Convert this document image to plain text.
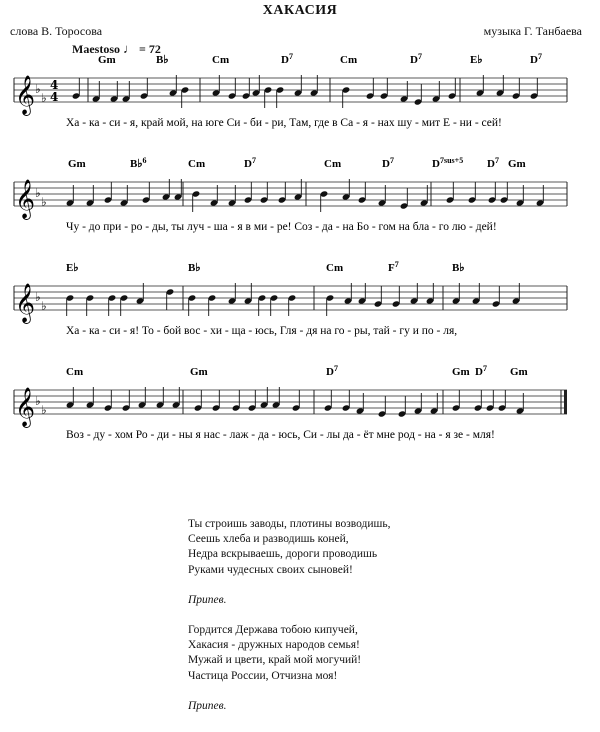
ХАКАСИЯ
слова В. Торосова	музыка Г. Танбаева
Maestoso ♩ = 72
𝄞 ♭
♭
4
4
Gm	B♭	Cm	$D^7$	Cm	$D^7$	E♭	$D^7$
Ха - ка - си - я, край мой, на юге Си - би - ри, Там, где в Са - я - нах шу - мит Е - ни - сей!
𝄞 ♭
♭
Gm	B♭$^6$	Cm	$D^7$	Cm	$D^7$	$D^{7sus+5}$ $D^7$ Gm
Чу - до при - ро - ды, ты луч - ша - я в ми - ре! Соз - да - на Бо - гом на бла - го лю - дей!
𝄞 ♭
♭
E♭	B♭	Cm	$F^7$	B♭
Ха - ка - си - я! То - бой вос - хи - ща - юсь, Гля - дя на го - ры, тай - гу и по - ля,
𝄞 ♭
♭
Cm	Gm	$D^7$	Gm $D^7$ Gm
Воз - ду - хом Ро - ди - ны я нас - лаж - да - юсь, Си - лы да - ёт мне род - на - я зе - мля!
Ты строишь заводы, плотины возводишь,
Сеешь хлеба и разводишь коней,
Недра вскрываешь, дороги проводишь
Руками чудесных своих сыновей!
Припев.
Гордится Держава тобою кипучей,
Хакасия - дружных народов семья!
Мужай и цвети, край мой могучий!
Частица России, Отчизна моя!
Припев.
